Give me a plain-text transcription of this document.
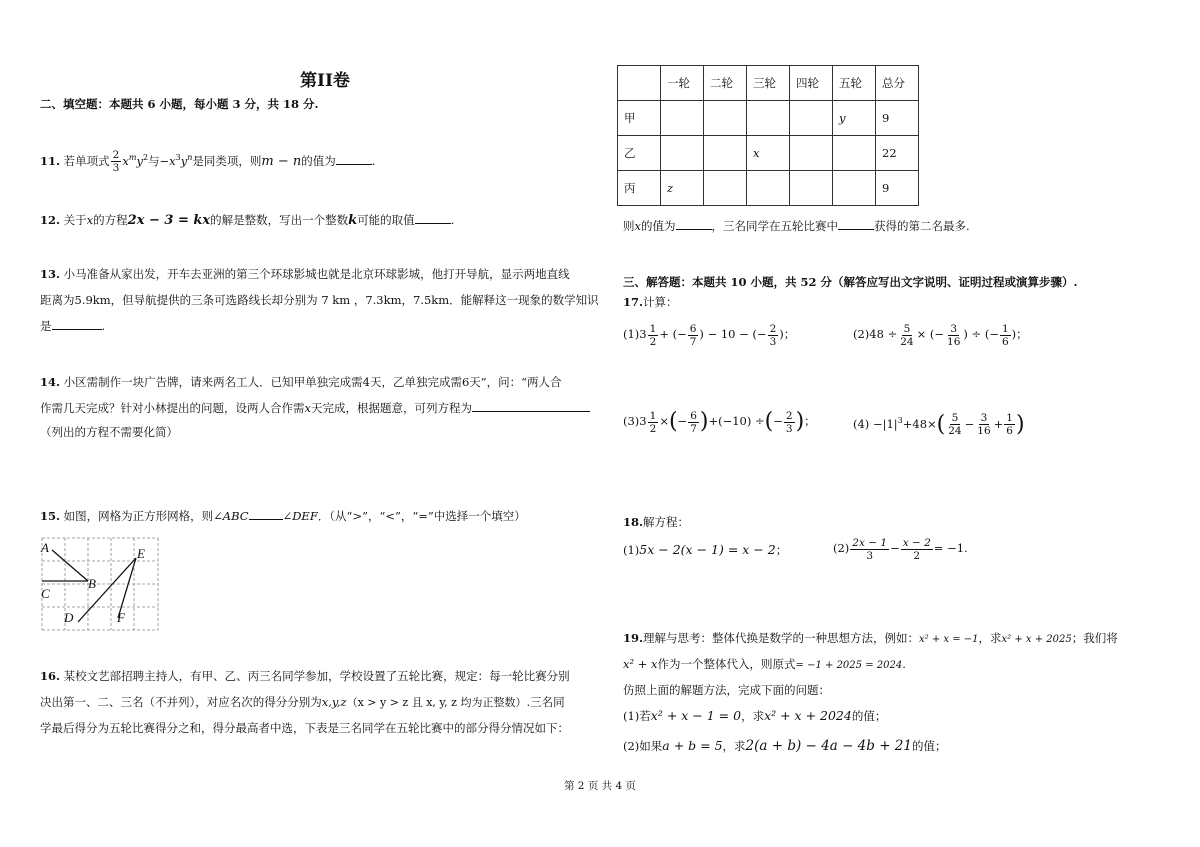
第II卷
二、填空题：本题共 6 小题，每小题 3 分，共 18 分.
11. 若单项式 $\frac{2}{3} x^my^2$与$-x^3y^n$是同类项，则m − n的值为	.
12. 关于x的方程2x − 3 = kx的解是整数，写出一个整数k可能的取值	.
13. 小马准备从家出发，开车去亚洲的第三个环球影城也就是北京环球影城，他打开导航，显示两地直线
距离为5.9km，但导航提供的三条可选路线长却分别为 7 km ，7.3km，7.5km．能解释这一现象的数学知识
是	.
14. 小区需制作一块广告牌，请来两名工人．已知甲单独完成需4天，乙单独完成需6天”，问：“两人合
作需几天完成？针对小林提出的问题，设两人合作需x天完成，根据题意，可列方程为
（列出的方程不需要化简）
15. 如图，网格为正方形网格，则∠ABC	∠DEF．（从“>”，“<”，“=”中选择一个填空）
A
B
C
D
E
F
16. 某校文艺部招聘主持人，有甲、乙、丙三名同学参加，学校设置了五轮比赛，规定：每一轮比赛分别
决出第一、二、三名（不并列），对应名次的得分分别为x,y,z（x > y > z 且 x, y, z 均为正整数）.三名同
学最后得分为五轮比赛得分之和，得分最高者中选，下表是三名同学在五轮比赛中的部分得分情况如下：
	一轮	二轮	三轮	四轮	五轮	总分
甲					y	9
乙			x			22
丙	z					9
则x的值为	，三名同学在五轮比赛中	获得的第二名最多.
三、解答题：本题共 10 小题，共 52 分（解答应写出文字说明、证明过程或演算步骤）.
17.计算：
$(1)3 \frac{1}{2}$ + (− $\frac{6}{7}$ ) − 10 − (− $\frac{2}{3}$ )；	$(2)48 \div \frac{5}{24}$ × (− $\frac{3}{16}$ ) ÷ (− $\frac{1}{6}$ )；
$(3)3 \frac{1}{2}$ ×(− $\frac{6}{7} )+(-10)$ ÷(− $\frac{2}{3}$ )；	$(4) -|1|^3+48\times( \frac{5}{24} - \frac{3}{16} + \frac{1}{6}$ )
18.解方程：
(1)5x − 2(x − 1) = x − 2；	$(2) \frac{2x - 1}{3} - \frac{x - 2}{2} = -1$.
19.理解与思考：整体代换是数学的一种思想方法，例如：x² + x = −1，求x² + x + 2025；我们将
x² + x作为一个整体代入，则原式= −1 + 2025 = 2024.
仿照上面的解题方法，完成下面的问题：
(1)若x² + x − 1 = 0，求x² + x + 2024的值；
(2)如果a + b = 5，求2(a + b) − 4a − 4b + 21的值；
第 2 页 共 4 页
